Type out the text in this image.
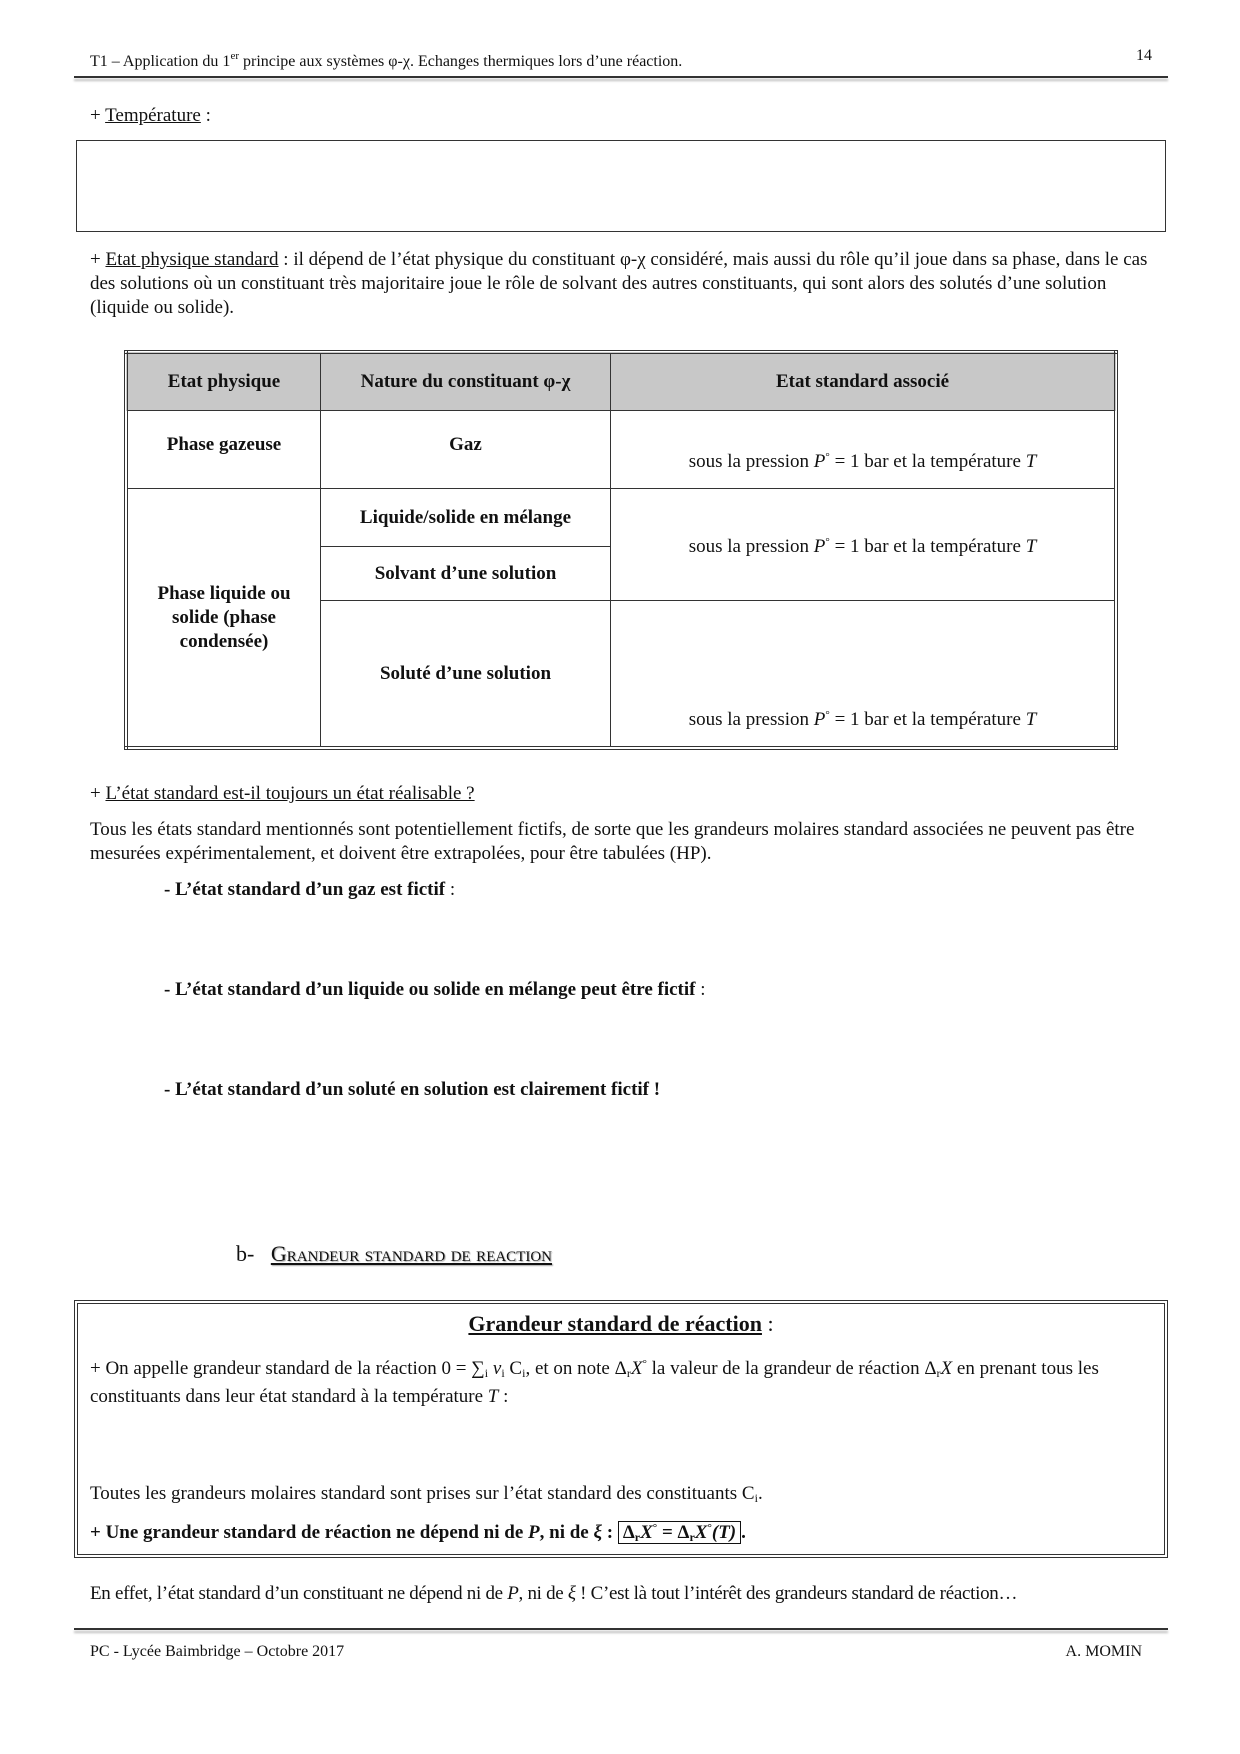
T1 – Application du 1er principe aux systèmes φ-χ. Echanges thermiques lors d’une réaction.	14
+ Température :
+ Etat physique standard : il dépend de l’état physique du constituant φ-χ considéré, mais aussi du rôle qu’il joue dans sa phase, dans le cas des solutions où un constituant très majoritaire joue le rôle de solvant des autres constituants, qui sont alors des solutés d’une solution (liquide ou solide).
Etat physique	Nature du constituant φ-χ	Etat standard associé
Phase gazeuse	Gaz	sous la pression P° = 1 bar et la température T
Phase liquide ou solide (phase condensée)	Liquide/solide en mélange	sous la pression P° = 1 bar et la température T
	Solvant d’une solution	
	Soluté d’une solution	sous la pression P° = 1 bar et la température T
+ L’état standard est-il toujours un état réalisable ?
Tous les états standard mentionnés sont potentiellement fictifs, de sorte que les grandeurs molaires standard associées ne peuvent pas être mesurées expérimentalement, et doivent être extrapolées, pour être tabulées (HP).
- L’état standard d’un gaz est fictif :
- L’état standard d’un liquide ou solide en mélange peut être fictif :
- L’état standard d’un soluté en solution est clairement fictif !
b- Grandeur standard de reaction
Grandeur standard de réaction :
+ On appelle grandeur standard de la réaction $0 = \sum_i$ $\nu_i$ $C_i$, et on note $\Delta_rX^\circ$ la valeur de la grandeur de réaction $\Delta_rX$ en prenant tous les constituants dans leur état standard à la température T :
Toutes les grandeurs molaires standard sont prises sur l’état standard des constituants $C_i$.
+ Une grandeur standard de réaction ne dépend ni de P, ni de ξ : $\Delta_rX^\circ = \Delta_rX^\circ(T)$ .
En effet, l’état standard d’un constituant ne dépend ni de P, ni de ξ ! C’est là tout l’intérêt des grandeurs standard de réaction…
PC - Lycée Baimbridge – Octobre 2017	A. MOMIN
